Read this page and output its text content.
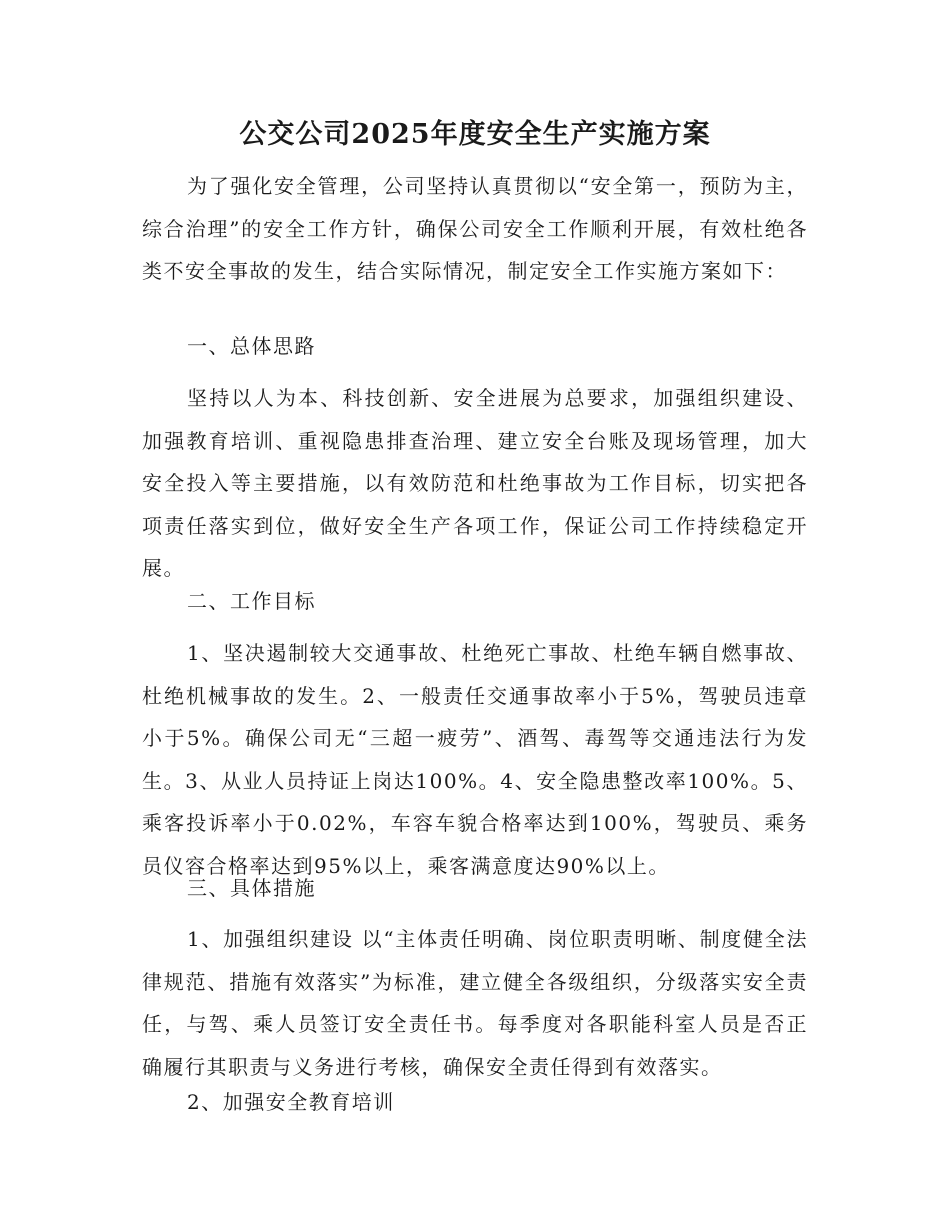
公交公司2025年度安全生产实施方案

为了强化安全管理，公司坚持认真贯彻以“安全第一，预防为主，综合治理”的安全工作方针，确保公司安全工作顺利开展，有效杜绝各类不安全事故的发生，结合实际情况，制定安全工作实施方案如下：

一、总体思路

坚持以人为本、科技创新、安全进展为总要求，加强组织建设、加强教育培训、重视隐患排查治理、建立安全台账及现场管理，加大安全投入等主要措施，以有效防范和杜绝事故为工作目标，切实把各项责任落实到位，做好安全生产各项工作，保证公司工作持续稳定开展。

二、工作目标

1、坚决遏制较大交通事故、杜绝死亡事故、杜绝车辆自燃事故、杜绝机械事故的发生。2、一般责任交通事故率小于5%，驾驶员违章小于5%。确保公司无“三超一疲劳”、酒驾、毒驾等交通违法行为发生。3、从业人员持证上岗达100%。4、安全隐患整改率100%。5、乘客投诉率小于0.02%，车容车貌合格率达到100%，驾驶员、乘务员仪容合格率达到95%以上，乘客满意度达90%以上。

三、具体措施

1、加强组织建设 以“主体责任明确、岗位职责明晰、制度健全法律规范、措施有效落实”为标准，建立健全各级组织，分级落实安全责任，与驾、乘人员签订安全责任书。每季度对各职能科室人员是否正确履行其职责与义务进行考核，确保安全责任得到有效落实。

2、加强安全教育培训
